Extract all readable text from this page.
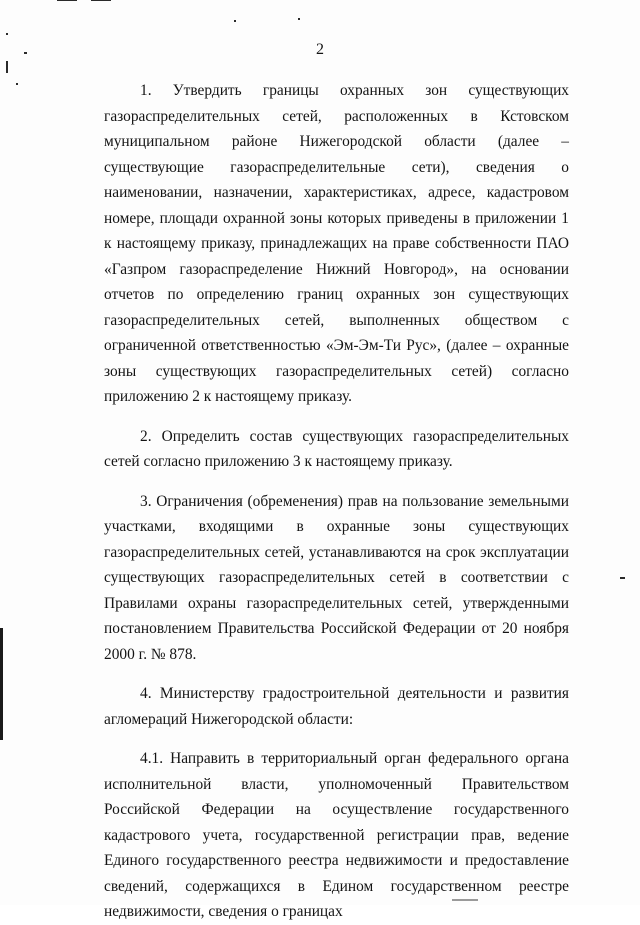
2

1. Утвердить границы охранных зон существующих газораспределительных сетей, расположенных в Кстовском муниципальном районе Нижегородской области (далее – существующие газораспределительные сети), сведения о наименовании, назначении, характеристиках, адресе, кадастровом номере, площади охранной зоны которых приведены в приложении 1 к настоящему приказу, принадлежащих на праве собственности ПАО «Газпром газораспределение Нижний Новгород», на основании отчетов по определению границ охранных зон существующих газораспределительных сетей, выполненных обществом с ограниченной ответственностью «Эм-Эм-Ти Рус», (далее – охранные зоны существующих газораспределительных сетей) согласно приложению 2 к настоящему приказу.

2. Определить состав существующих газораспределительных сетей согласно приложению 3 к настоящему приказу.

3. Ограничения (обременения) прав на пользование земельными участками, входящими в охранные зоны существующих газораспределительных сетей, устанавливаются на срок эксплуатации существующих газораспределительных сетей в соответствии с Правилами охраны газораспределительных сетей, утвержденными постановлением Правительства Российской Федерации от 20 ноября 2000 г. № 878.

4. Министерству градостроительной деятельности и развития агломераций Нижегородской области:

4.1. Направить в территориальный орган федерального органа исполнительной власти, уполномоченный Правительством Российской Федерации на осуществление государственного кадастрового учета, государственной регистрации прав, ведение Единого государственного реестра недвижимости и предоставление сведений, содержащихся в Едином государственном реестре недвижимости, сведения о границах
